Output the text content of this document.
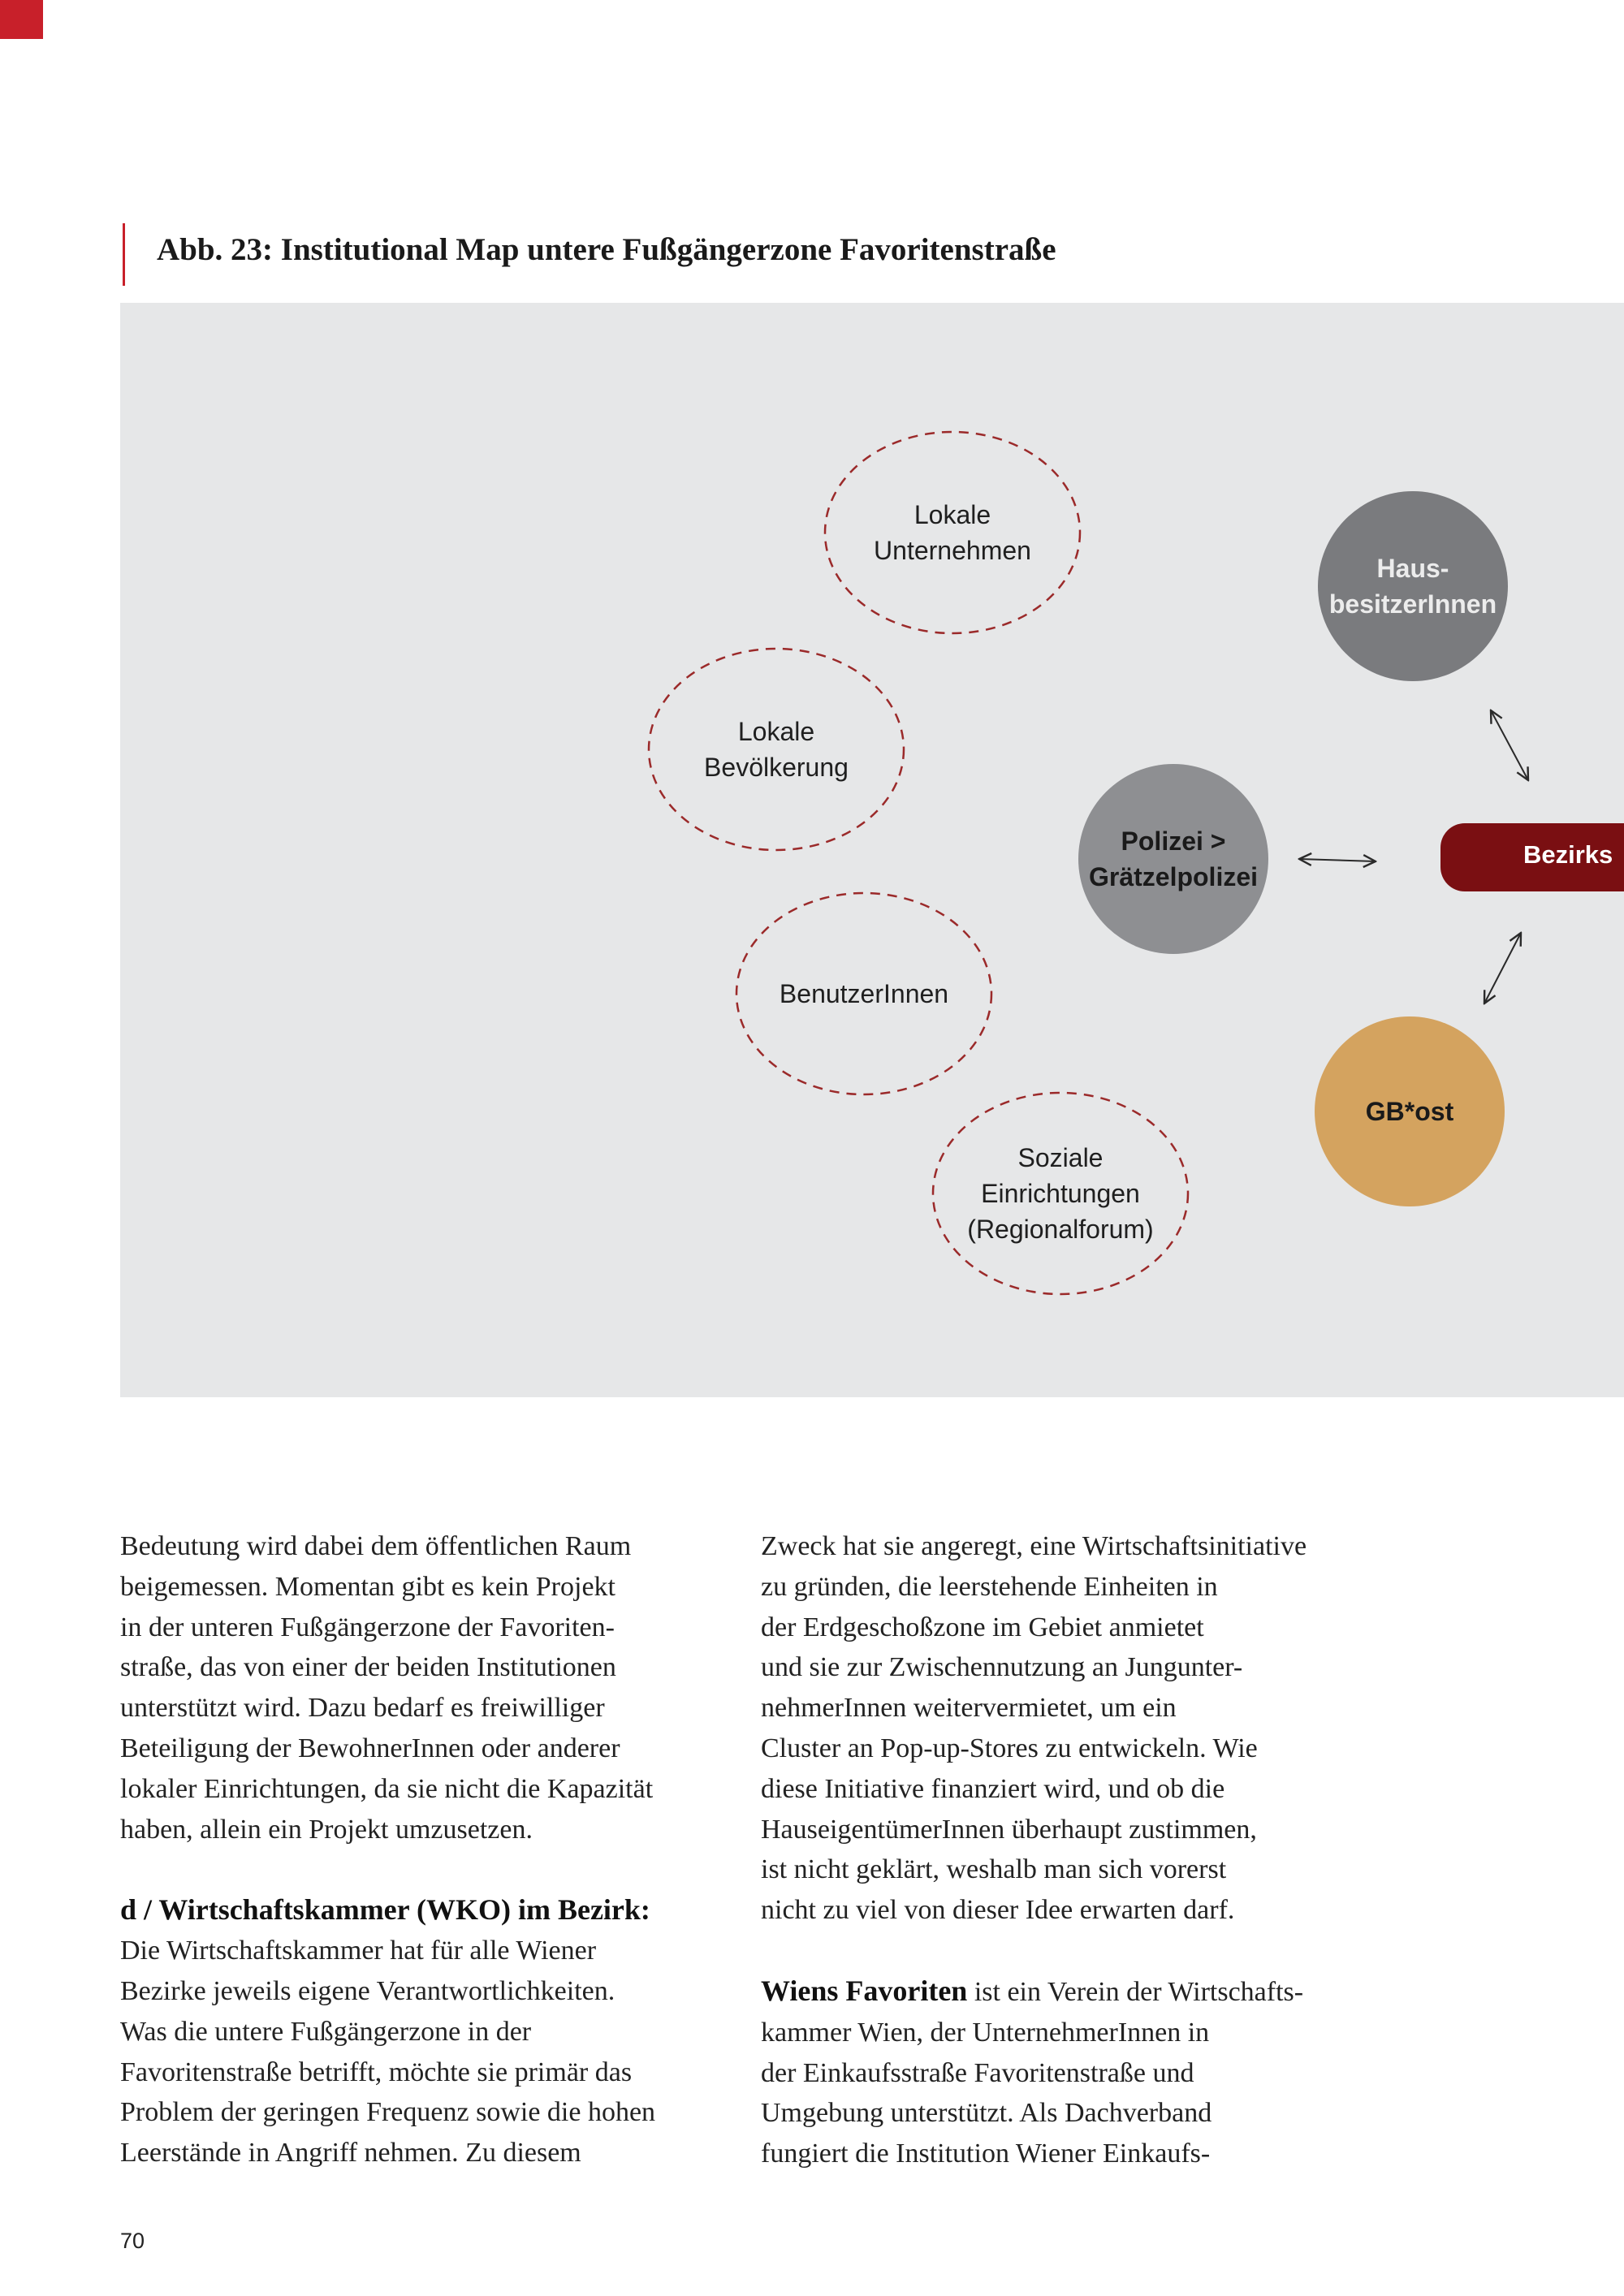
Abb. 23: Institutional Map untere Fußgängerzone Favoritenstraße
Lokale
Unternehmen
Lokale
Bevölkerung
BenutzerInnen
Soziale
Einrichtungen
(Regionalforum)
Polizei >
Grätzelpolizei
Haus-
besitzerInnen
GB*ost
Bezirks

Bedeutung wird dabei dem öffentlichen Raum
beigemessen. Momentan gibt es kein Projekt
in der unteren Fußgängerzone der Favoriten-
straße, das von einer der beiden Institutionen
unterstützt wird. Dazu bedarf es freiwilliger
Beteiligung der BewohnerInnen oder anderer
lokaler Einrichtungen, da sie nicht die Kapazität
haben, allein ein Projekt umzusetzen.

d / Wirtschaftskammer (WKO) im Bezirk:
Die Wirtschaftskammer hat für alle Wiener
Bezirke jeweils eigene Verantwortlichkeiten.
Was die untere Fußgängerzone in der
Favoritenstraße betrifft, möchte sie primär das
Problem der geringen Frequenz sowie die hohen
Leerstände in Angriff nehmen. Zu diesem

Zweck hat sie angeregt, eine Wirtschaftsinitiative
zu gründen, die leerstehende Einheiten in
der Erdgeschoßzone im Gebiet anmietet
und sie zur Zwischennutzung an Jungunter-
nehmerInnen weitervermietet, um ein
Cluster an Pop-up-Stores zu entwickeln. Wie
diese Initiative finanziert wird, und ob die
HauseigentümerInnen überhaupt zustimmen,
ist nicht geklärt, weshalb man sich vorerst
nicht zu viel von dieser Idee erwarten darf.

Wiens Favoriten ist ein Verein der Wirtschafts-
kammer Wien, der UnternehmerInnen in
der Einkaufsstraße Favoritenstraße und
Umgebung unterstützt. Als Dachverband
fungiert die Institution Wiener Einkaufs-

70
